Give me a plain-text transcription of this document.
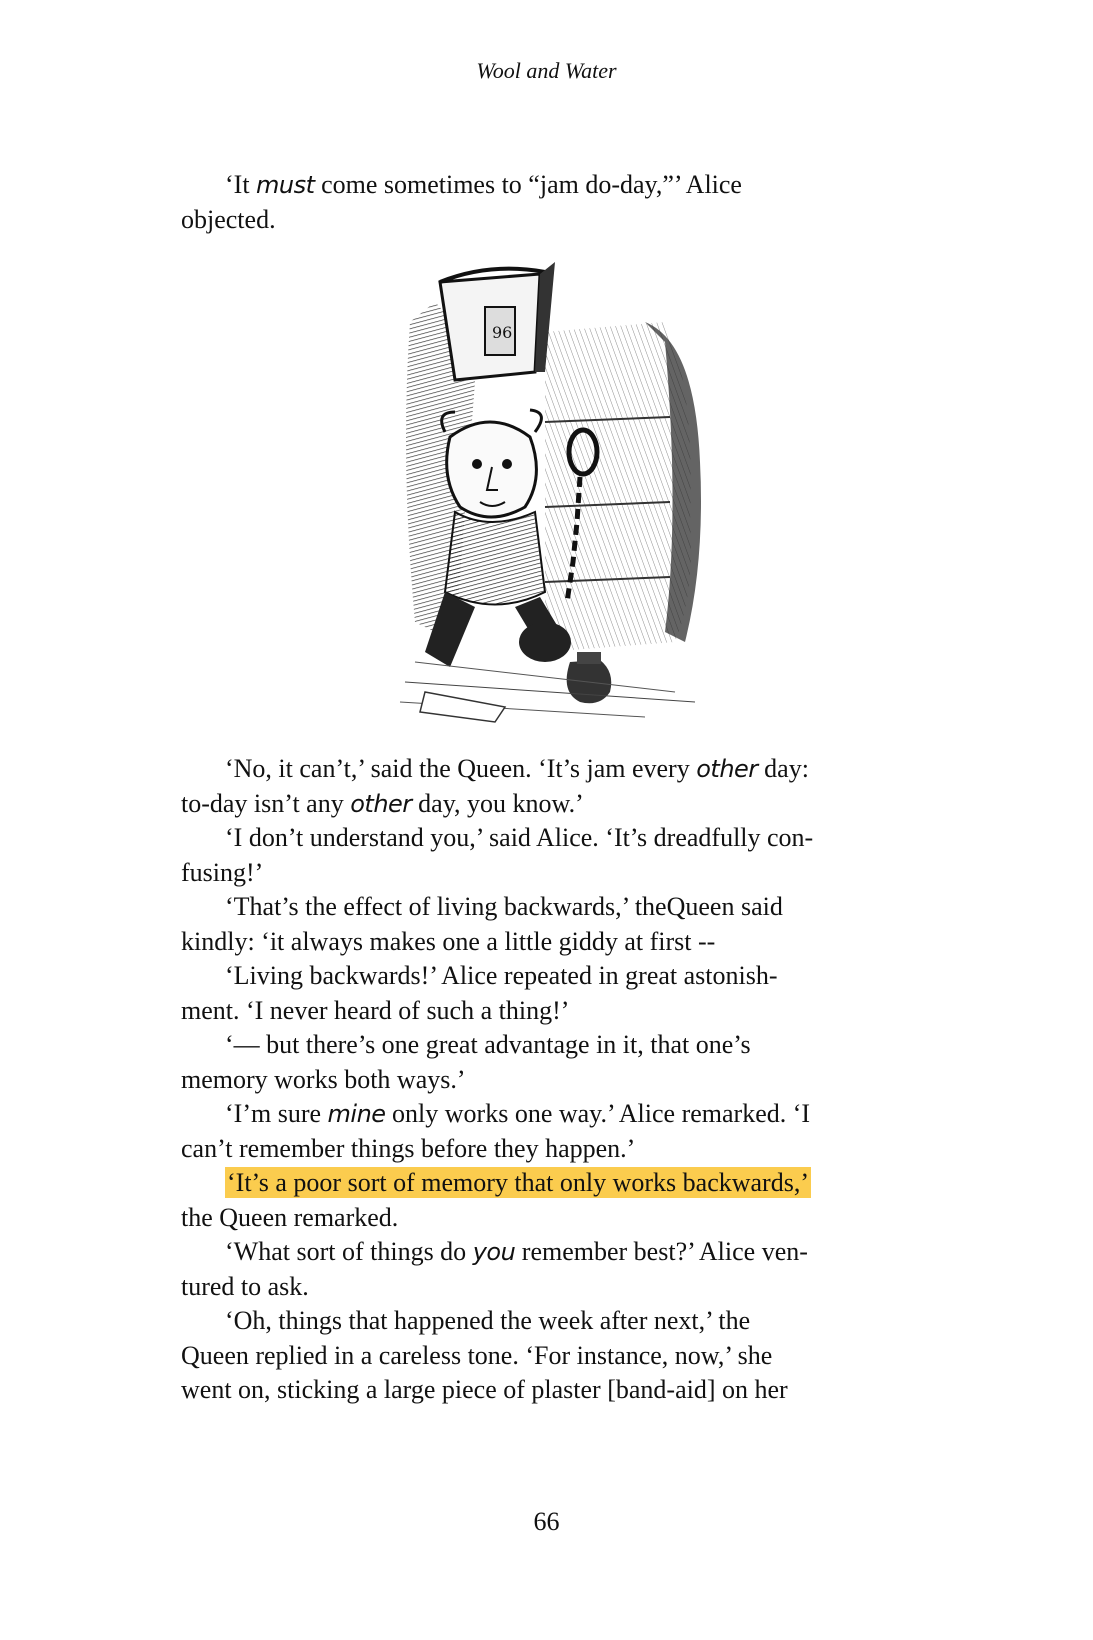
Wool and Water

‘It must come sometimes to “jam do-day,”’ Alice

objected.

96

‘No, it can’t,’ said the Queen. ‘It’s jam every other day:

to-day isn’t any other day, you know.’

‘I don’t understand you,’ said Alice. ‘It’s dreadfully con-

fusing!’

‘That’s the effect of living backwards,’ theQueen said

kindly: ‘it always makes one a little giddy at first --

‘Living backwards!’ Alice repeated in great astonish-

ment. ‘I never heard of such a thing!’

‘— but there’s one great advantage in it, that one’s

memory works both ways.’

‘I’m sure mine only works one way.’ Alice remarked. ‘I

can’t remember things before they happen.’

‘It’s a poor sort of memory that only works backwards,’

the Queen remarked.

‘What sort of things do you remember best?’ Alice ven-

tured to ask.

‘Oh, things that happened the week after next,’ the

Queen replied in a careless tone. ‘For instance, now,’ she

went on, sticking a large piece of plaster [band-aid] on her

66
